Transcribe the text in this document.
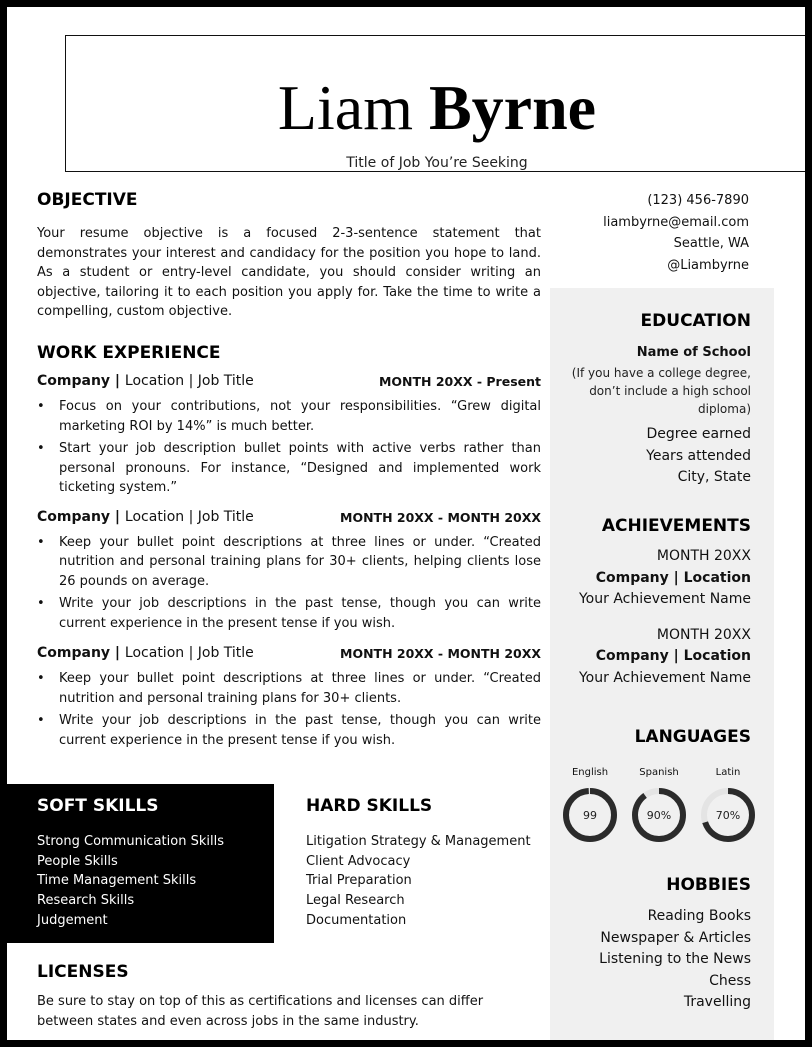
Liam Byrne
Title of Job You’re Seeking
(123) 456-7890
liambyrne@email.com
Seattle, WA
@Liambyrne
OBJECTIVE
Your resume objective is a focused 2-3-sentence statement that demonstrates your interest and candidacy for the position you hope to land. As a student or entry-level candidate, you should consider writing an objective, tailoring it to each position you apply for. Take the time to write a compelling, custom objective.
WORK EXPERIENCE
Company | Location | Job Title	MONTH 20XX - Present
• Focus on your contributions, not your responsibilities. “Grew digital marketing ROI by 14%” is much better.
• Start your job description bullet points with active verbs rather than personal pronouns. For instance, “Designed and implemented work ticketing system.”
Company | Location | Job Title	MONTH 20XX - MONTH 20XX
• Keep your bullet point descriptions at three lines or under. “Created nutrition and personal training plans for 30+ clients, helping clients lose 26 pounds on average.
• Write your job descriptions in the past tense, though you can write current experience in the present tense if you wish.
Company | Location | Job Title	MONTH 20XX - MONTH 20XX
• Keep your bullet point descriptions at three lines or under. “Created nutrition and personal training plans for 30+ clients.
• Write your job descriptions in the past tense, though you can write current experience in the present tense if you wish.
SOFT SKILLS
Strong Communication Skills
People Skills
Time Management Skills
Research Skills
Judgement
HARD SKILLS
Litigation Strategy & Management
Client Advocacy
Trial Preparation
Legal Research
Documentation
LICENSES
Be sure to stay on top of this as certifications and licenses can differ between states and even across jobs in the same industry.
EDUCATION
Name of School
(If you have a college degree, don’t include a high school diploma)
Degree earned
Years attended
City, State
ACHIEVEMENTS
MONTH 20XX
Company | Location
Your Achievement Name
MONTH 20XX
Company | Location
Your Achievement Name
LANGUAGES
English
99
Spanish
90%
Latin
70%
HOBBIES
Reading Books
Newspaper & Articles
Listening to the News
Chess
Travelling
